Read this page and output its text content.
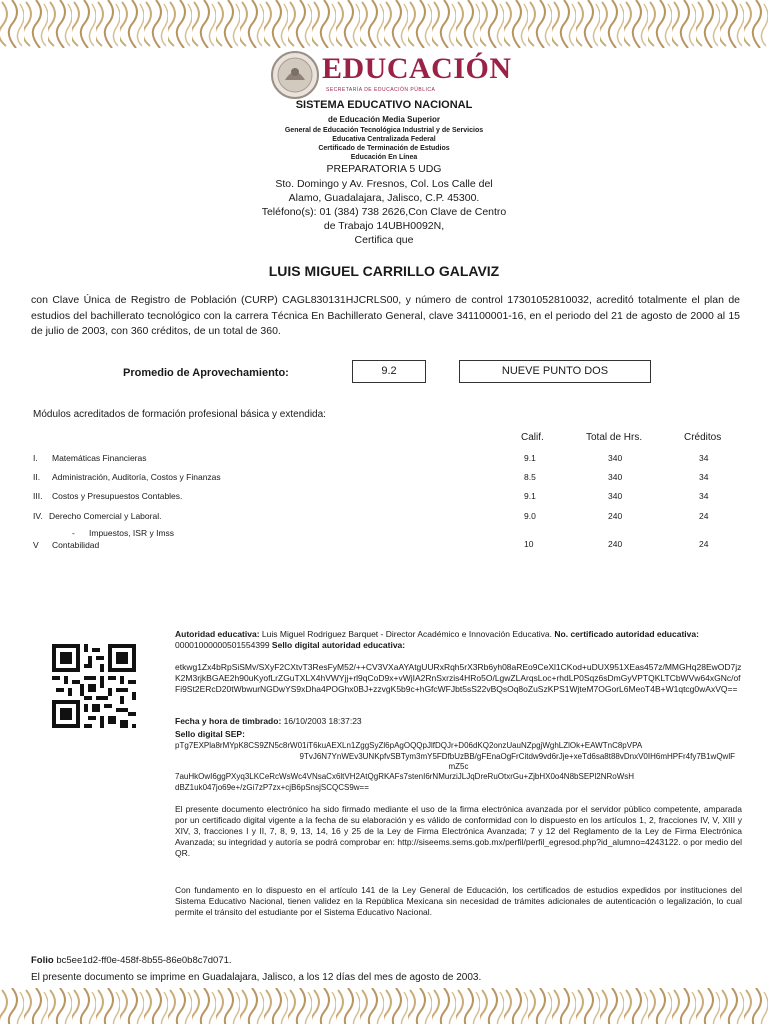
EDUCACIÓN
SECRETARÍA DE EDUCACIÓN PÚBLICA
SISTEMA EDUCATIVO NACIONAL
de Educación Media Superior
General de Educación Tecnológica Industrial y de Servicios
Educativa Centralizada Federal
Certificado de Terminación de Estudios
Educación En Línea
PREPARATORIA 5 UDG
Sto. Domingo y Av. Fresnos, Col. Los Calle del
Alamo, Guadalajara, Jalisco, C.P. 45300.
Teléfono(s): 01 (384) 738 2626,Con Clave de Centro
de Trabajo 14UBH0092N,
Certifica que
LUIS MIGUEL CARRILLO GALAVIZ
con Clave Única de Registro de Población (CURP) CAGL830131HJCRLS00, y número de control 17301052810032, acreditó totalmente el plan de estudios del bachillerato tecnológico con la carrera Técnica En Bachillerato General, clave 341100001-16, en el periodo del 21 de agosto de 2000 al 15 de julio de 2003, con 360 créditos, de un total de 360.
Promedio de Aprovechamiento:	9.2	NUEVE PUNTO DOS
Módulos acreditados de formación profesional básica y extendida:
Calif.	Total de Hrs.	Créditos
I. Matemáticas Financieras	9.1	340	34
II. Administración, Auditoría, Costos y Finanzas	8.5	340	34
III. Costos y Presupuestos Contables.	9.1	340	34
IV. Derecho Comercial y Laboral.	9.0	240	24
-      Impuestos, ISR y Imss
V Contabilidad	10	240	24
Autoridad educativa: Luis Miguel Rodriguez Barquet - Director Académico e Innovación Educativa. No. certificado autoridad educativa: 00001000000501554399 Sello digital autoridad educativa:
etkwg1Zx4bRpSiSMv/SXyF2CXtvT3ResFyM52/++CV3VXaAYAtgUURxRqh5rX3Rb6yh08aREo9CeXl1CKod+uDUX951XEas457z/MMGHq28EwOD7jzK2M3rjkBGAE2h90uKyofLrZGuTXLX4hVWYjj+rl9qCoD9x+vWjIA2RnSxrzis4HRo5O/LgwZLArqsLoc+rhdLP0Sqz6sDmGyVPTQKLTCbWVw64xGNc/ofFi9St2ERcD20tWbwurNGDwYS9xDha4POGhx0BJ+zzvgK5b9c+hGfcWFJbt5sS22vBQsOq8oZuSzKPS1WjteM7OGorL6MeoT4B+W1qtcg0wAxVQ==
Fecha y hora de timbrado: 16/10/2003 18:37:23
Sello digital SEP:
pTg7EXPla8rMYpK8CS9ZN5c8rW01iT6kuAEXLn1ZggSyZl6pAgOQQpJlfDQJr+D06dKQ2onzUauNZpgjWghLZlOk+EAWTnC8pVPA
9TvJ6N7YnWEv3UNKpfvSBTym3mY5FDfbUzBB/gFEnaOgFrCitdw9vd6rJje+xeTd6sa8t88vDnxV0IH6mHPFr4fy7B1wQwlF
mZ5c
7auHkOwI6ggPXyq3LKCeRcWsWc4VNsaCx6ltVH2AtQgRKAFs7stenI6rNMurziJLJqDreRuOtxrGu+ZjbHX0o4N8bSEPl2NRoWsH
dBZ1uk047jo69e+/zGi7zP7zx+cjB6pSnsjSCQCS9w==
El presente documento electrónico ha sido firmado mediante el uso de la firma electrónica avanzada por el servidor público competente, amparada por un certificado digital vigente a la fecha de su elaboración y es válido de conformidad con lo dispuesto en los artículos 1, 2, fracciones IV, V, XIII y XIV, 3, fracciones I y II, 7, 8, 9, 13, 14, 16 y 25 de la Ley de Firma Electrónica Avanzada; 7 y 12 del Reglamento de la Ley de Firma Electrónica Avanzada; su integridad y autoría se podrá comprobar en: http://siseems.sems.gob.mx/perfil/perfil_egresod.php?id_alumno=4243122. o por medio del QR.
Con fundamento en lo dispuesto en el artículo 141 de la Ley General de Educación, los certificados de estudios expedidos por instituciones del Sistema Educativo Nacional, tienen validez en la República Mexicana sin necesidad de trámites adicionales de autenticación o legalización, lo cual permite el tránsito del estudiante por el Sistema Educativo Nacional.
Folio bc5ee1d2-ff0e-458f-8b55-86e0b8c7d071.
El presente documento se imprime en Guadalajara, Jalisco, a los 12 días del mes de agosto de 2003.
